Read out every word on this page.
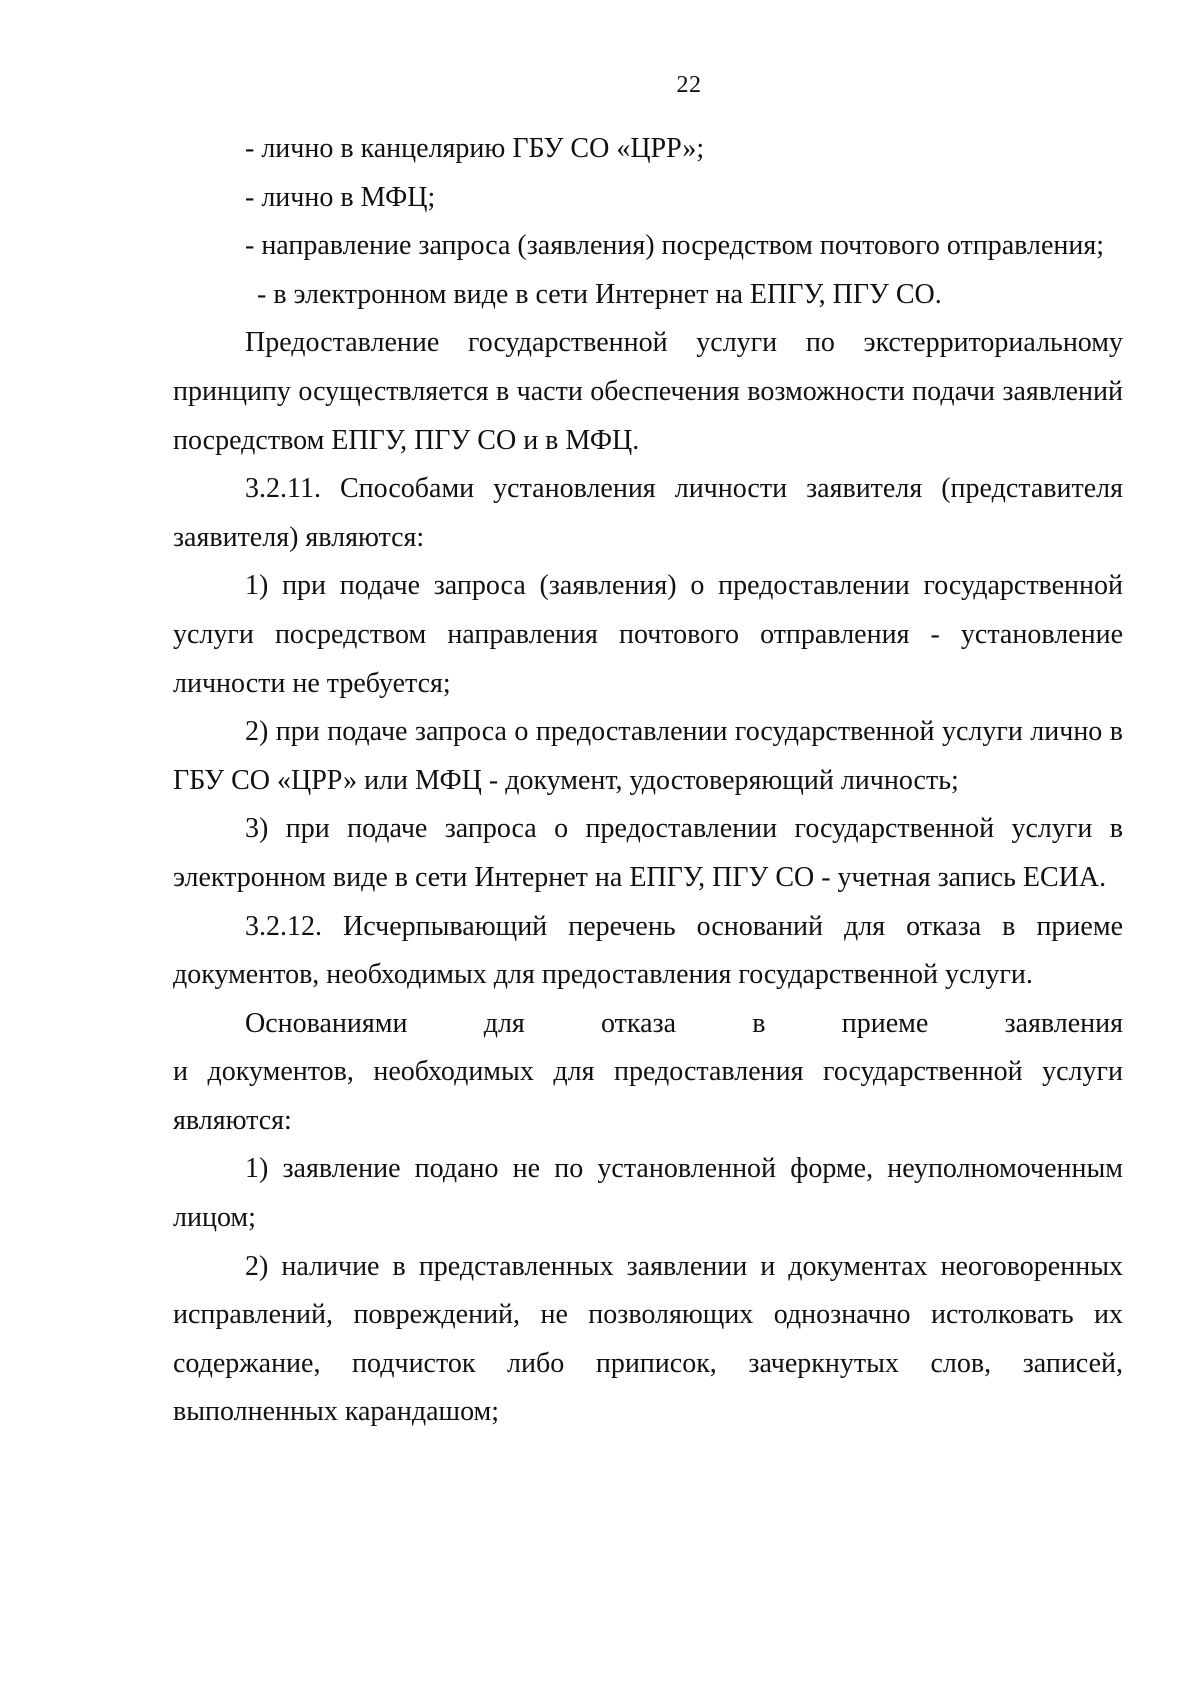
22

- лично в канцелярию ГБУ СО «ЦРР»;

- лично в МФЦ;

- направление запроса (заявления) посредством почтового отправления;

- в электронном виде в сети Интернет на ЕПГУ, ПГУ СО.

Предоставление государственной услуги по экстерриториальному принципу осуществляется в части обеспечения возможности подачи заявлений посредством ЕПГУ, ПГУ СО и в МФЦ.

3.2.11. Способами установления личности заявителя (представителя заявителя) являются:

1) при подаче запроса (заявления) о предоставлении государственной услуги посредством направления почтового отправления - установление личности не требуется;

2) при подаче запроса о предоставлении государственной услуги лично в ГБУ СО «ЦРР» или МФЦ - документ, удостоверяющий личность;

3) при подаче запроса о предоставлении государственной услуги в электронном виде в сети Интернет на ЕПГУ, ПГУ СО - учетная запись ЕСИА.

3.2.12. Исчерпывающий перечень оснований для отказа в приеме документов, необходимых для предоставления государственной услуги.

Основаниями для отказа в приеме заявления

и документов, необходимых для предоставления государственной услуги являются:

1) заявление подано не по установленной форме, неуполномоченным лицом;

2) наличие в представленных заявлении и документах неоговоренных исправлений, повреждений, не позволяющих однозначно истолковать их содержание, подчисток либо приписок, зачеркнутых слов, записей, выполненных карандашом;
